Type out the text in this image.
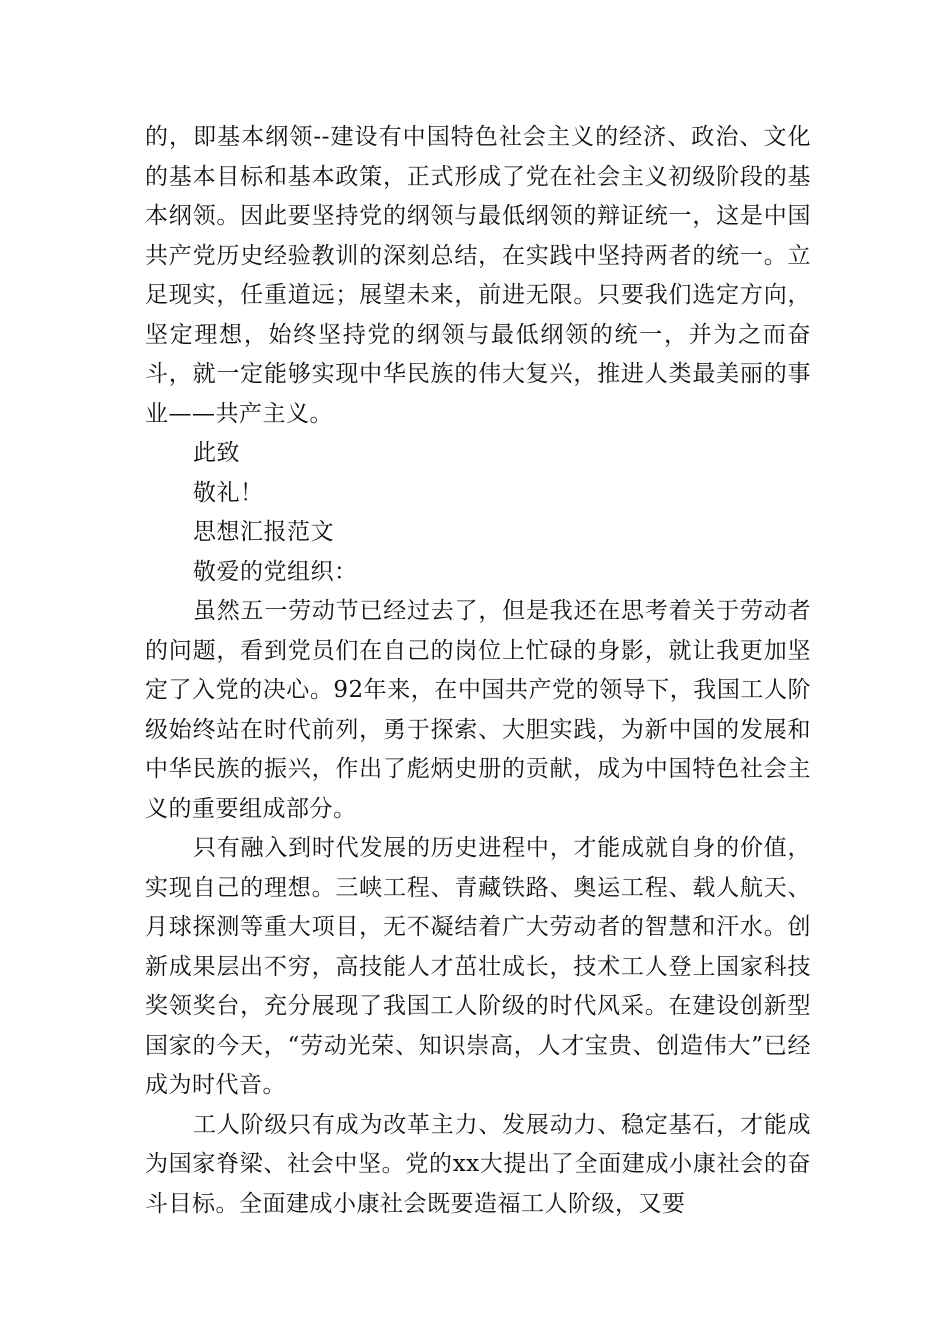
的，即基本纲领--建设有中国特色社会主义的经济、政治、文化的基本目标和基本政策，正式形成了党在社会主义初级阶段的基本纲领。因此要坚持党的纲领与最低纲领的辩证统一，这是中国共产党历史经验教训的深刻总结，在实践中坚持两者的统一。立足现实，任重道远；展望未来，前进无限。只要我们选定方向，坚定理想，始终坚持党的纲领与最低纲领的统一，并为之而奋斗，就一定能够实现中华民族的伟大复兴，推进人类最美丽的事业——共产主义。

此致

敬礼！

思想汇报范文

敬爱的党组织：

虽然五一劳动节已经过去了，但是我还在思考着关于劳动者的问题，看到党员们在自己的岗位上忙碌的身影，就让我更加坚定了入党的决心。92年来，在中国共产党的领导下，我国工人阶级始终站在时代前列，勇于探索、大胆实践，为新中国的发展和中华民族的振兴，作出了彪炳史册的贡献，成为中国特色社会主义的重要组成部分。

只有融入到时代发展的历史进程中，才能成就自身的价值，实现自己的理想。三峡工程、青藏铁路、奥运工程、载人航天、月球探测等重大项目，无不凝结着广大劳动者的智慧和汗水。创新成果层出不穷，高技能人才茁壮成长，技术工人登上国家科技奖领奖台，充分展现了我国工人阶级的时代风采。在建设创新型国家的今天，“劳动光荣、知识崇高，人才宝贵、创造伟大”已经成为时代音。

工人阶级只有成为改革主力、发展动力、稳定基石，才能成为国家脊梁、社会中坚。党的xx大提出了全面建成小康社会的奋斗目标。全面建成小康社会既要造福工人阶级，又要
